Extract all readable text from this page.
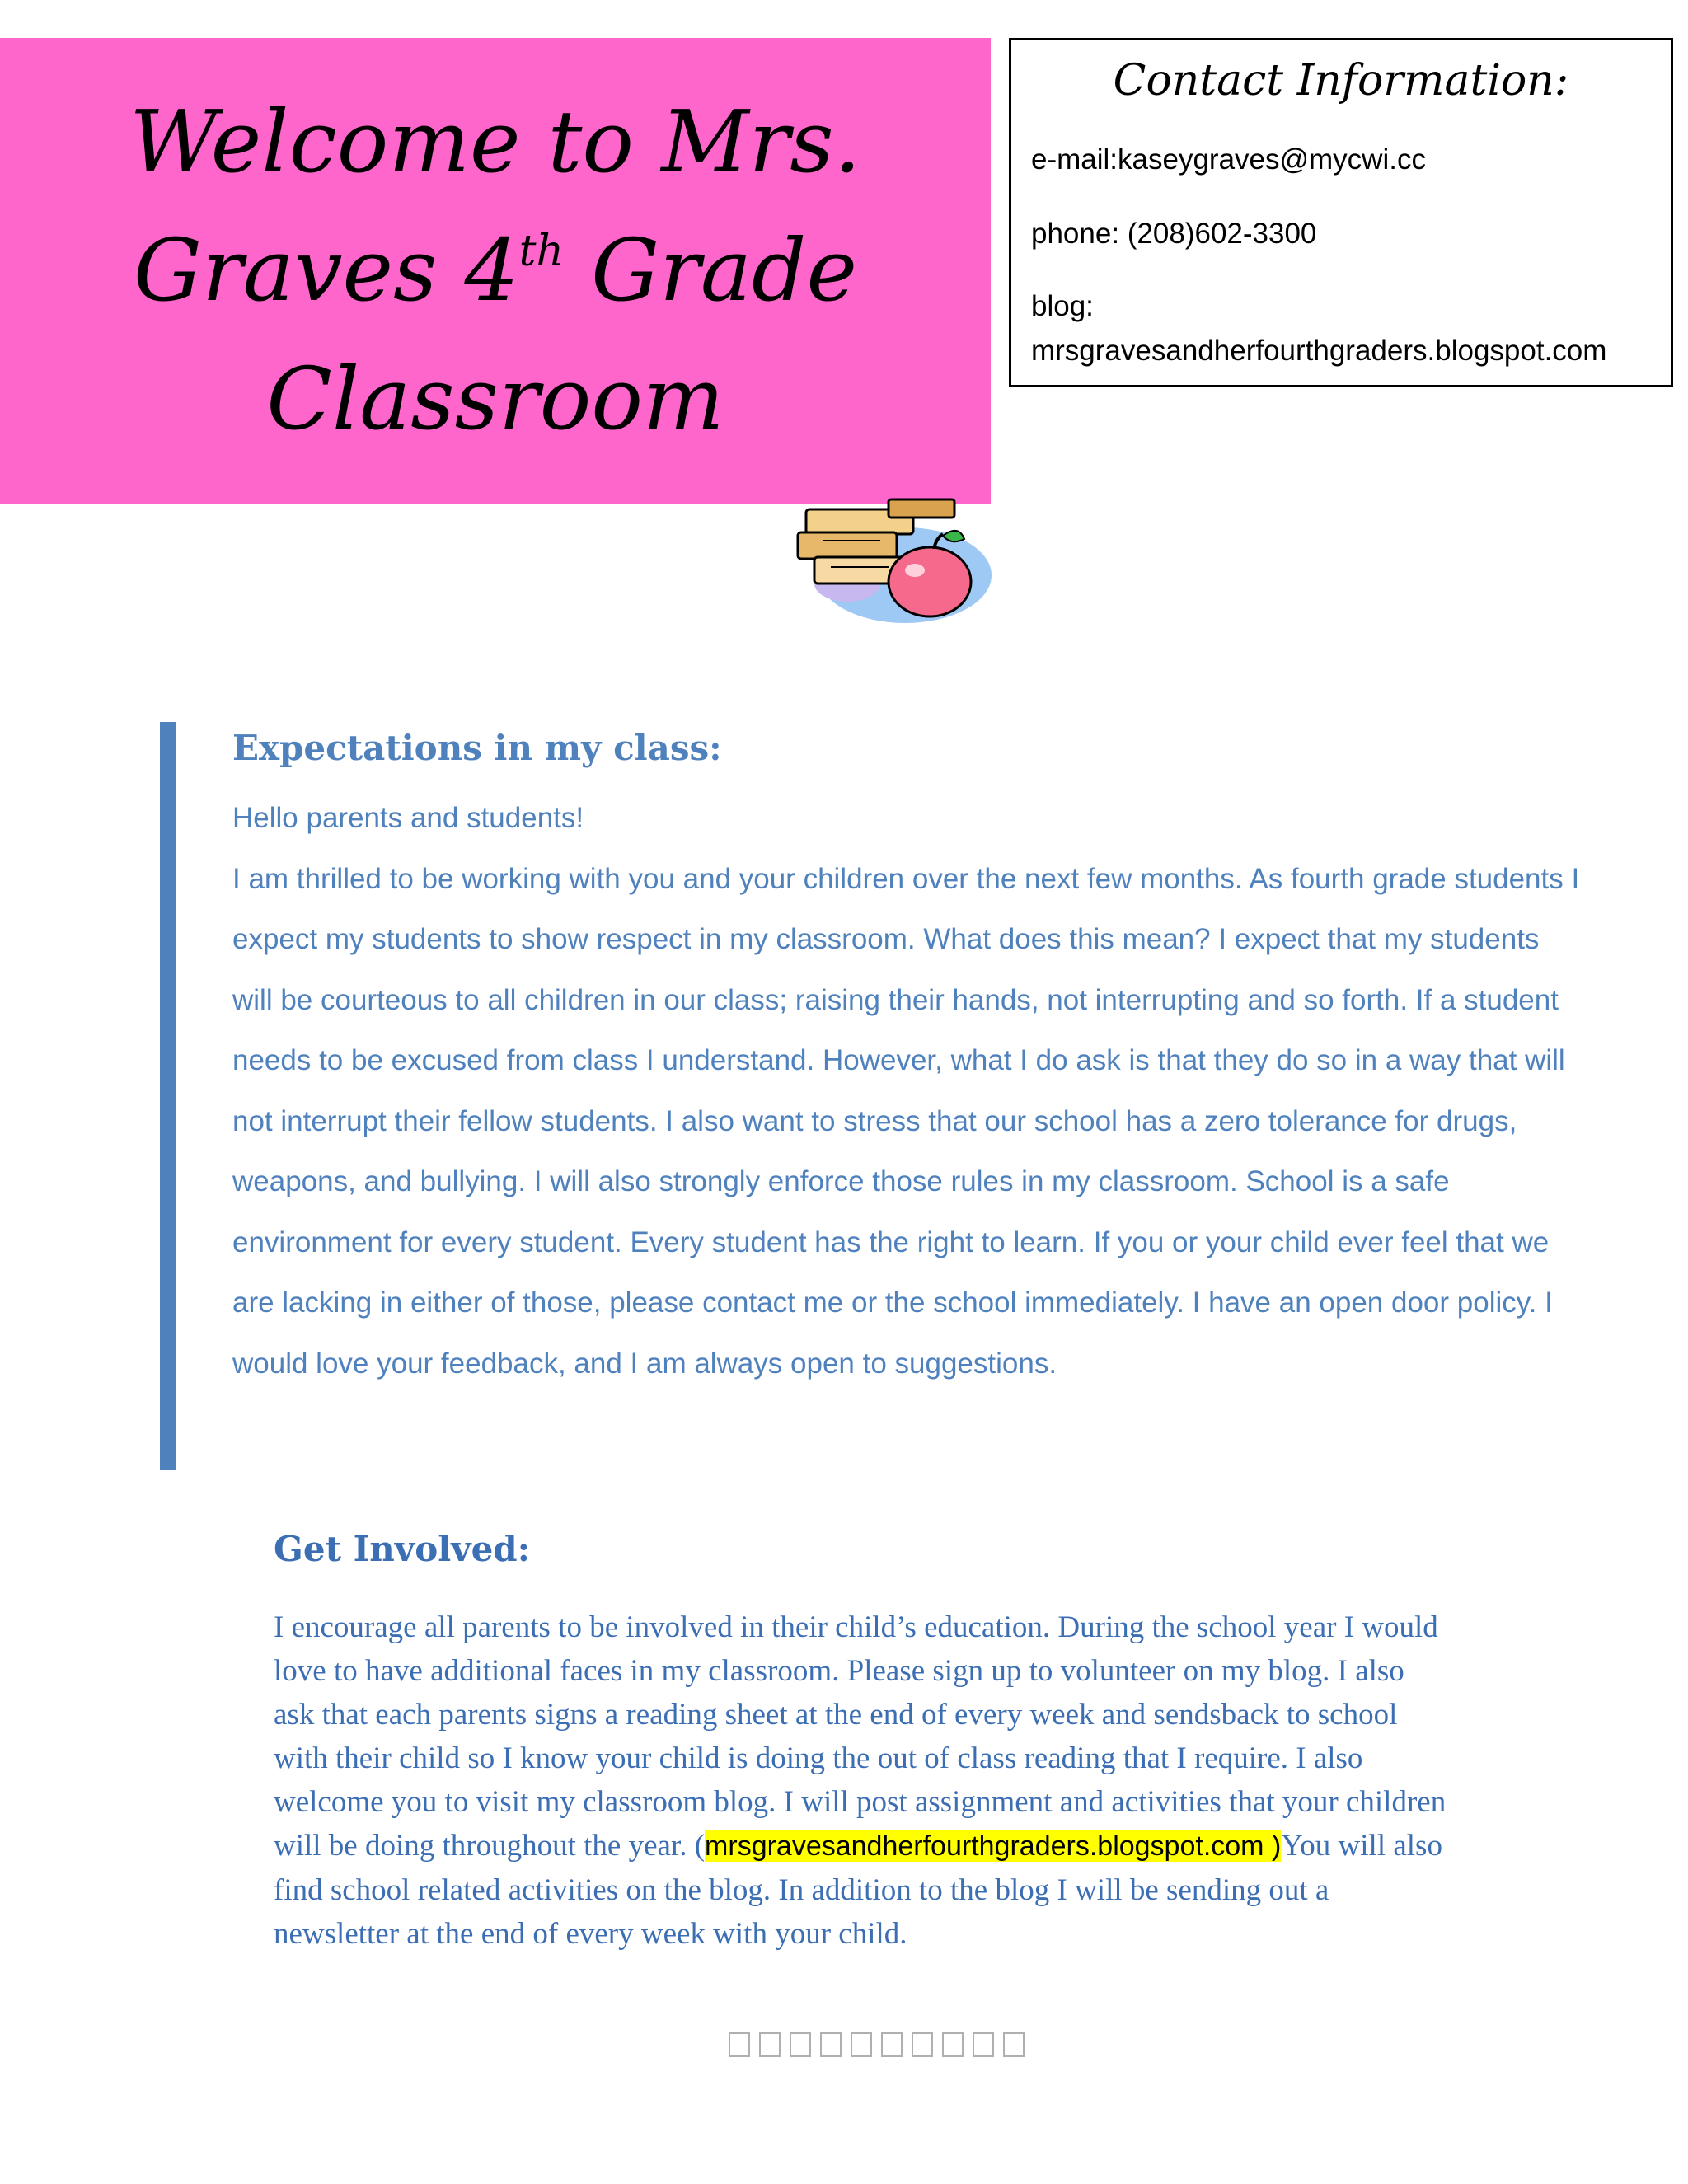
Welcome to Mrs.
Graves 4th Grade
Classroom
Contact Information:

e-mail:kaseygraves@mycwi.cc

phone: (208)602-3300

blog:

mrsgravesandherfourthgraders.blogspot.com

Expectations in my class:

Hello parents and students!

I am thrilled to be working with you and your children over the next few months. As fourth grade students I expect my students to show respect in my classroom. What does this mean? I expect that my students will be courteous to all children in our class; raising their hands, not interrupting and so forth. If a student needs to be excused from class I understand. However, what I do ask is that they do so in a way that will not interrupt their fellow students. I also want to stress that our school has a zero tolerance for drugs, weapons, and bullying. I will also strongly enforce those rules in my classroom. School is a safe environment for every student. Every student has the right to learn. If you or your child ever feel that we are lacking in either of those, please contact me or the school immediately. I have an open door policy. I would love your feedback, and I am always open to suggestions.

Get Involved:

I encourage all parents to be involved in their child’s education. During the school year I would love to have additional faces in my classroom. Please sign up to volunteer on my blog. I also ask that each parents signs a reading sheet at the end of every week and sendsback to school with their child so I know your child is doing the out of class reading that I require. I also welcome you to visit my classroom blog. I will post assignment and activities that your children will be doing throughout the year. (mrsgravesandherfourthgraders.blogspot.com )You will also find school related activities on the blog. In addition to the blog I will be sending out a newsletter at the end of every week with your child.
